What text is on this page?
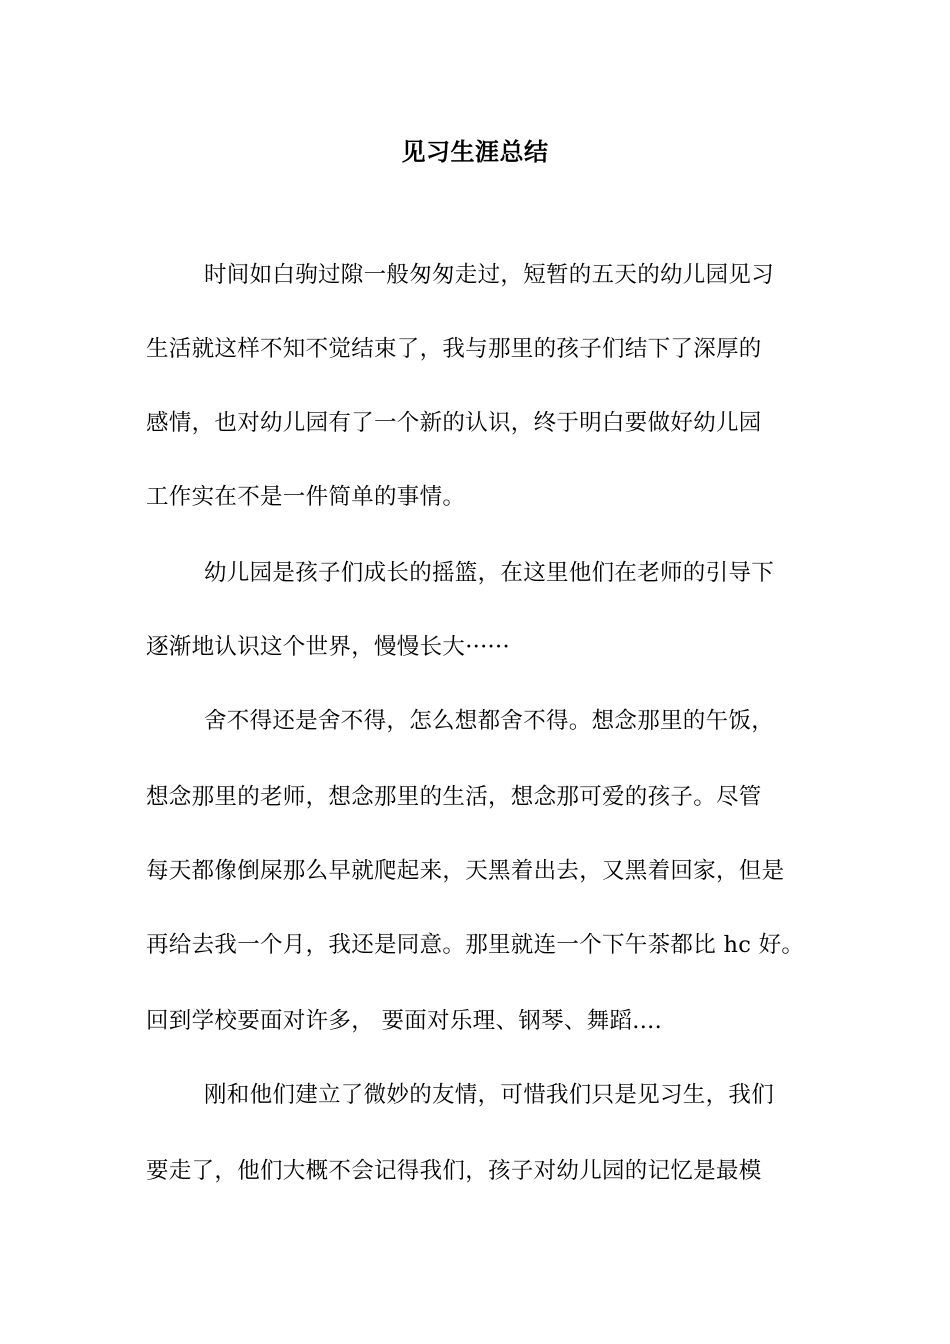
见习生涯总结
时间如白驹过隙一般匆匆走过，短暂的五天的幼儿园见习
生活就这样不知不觉结束了，我与那里的孩子们结下了深厚的
感情，也对幼儿园有了一个新的认识，终于明白要做好幼儿园
工作实在不是一件简单的事情。
幼儿园是孩子们成长的摇篮，在这里他们在老师的引导下
逐渐地认识这个世界，慢慢长大······
舍不得还是舍不得，怎么想都舍不得。想念那里的午饭，
想念那里的老师，想念那里的生活，想念那可爱的孩子。尽管
每天都像倒屎那么早就爬起来，天黑着出去，又黑着回家，但是
再给去我一个月，我还是同意。那里就连一个下午茶都比 hc 好。
回到学校要面对许多， 要面对乐理、钢琴、舞蹈....
刚和他们建立了微妙的友情，可惜我们只是见习生，我们
要走了，他们大概不会记得我们，孩子对幼儿园的记忆是最模
